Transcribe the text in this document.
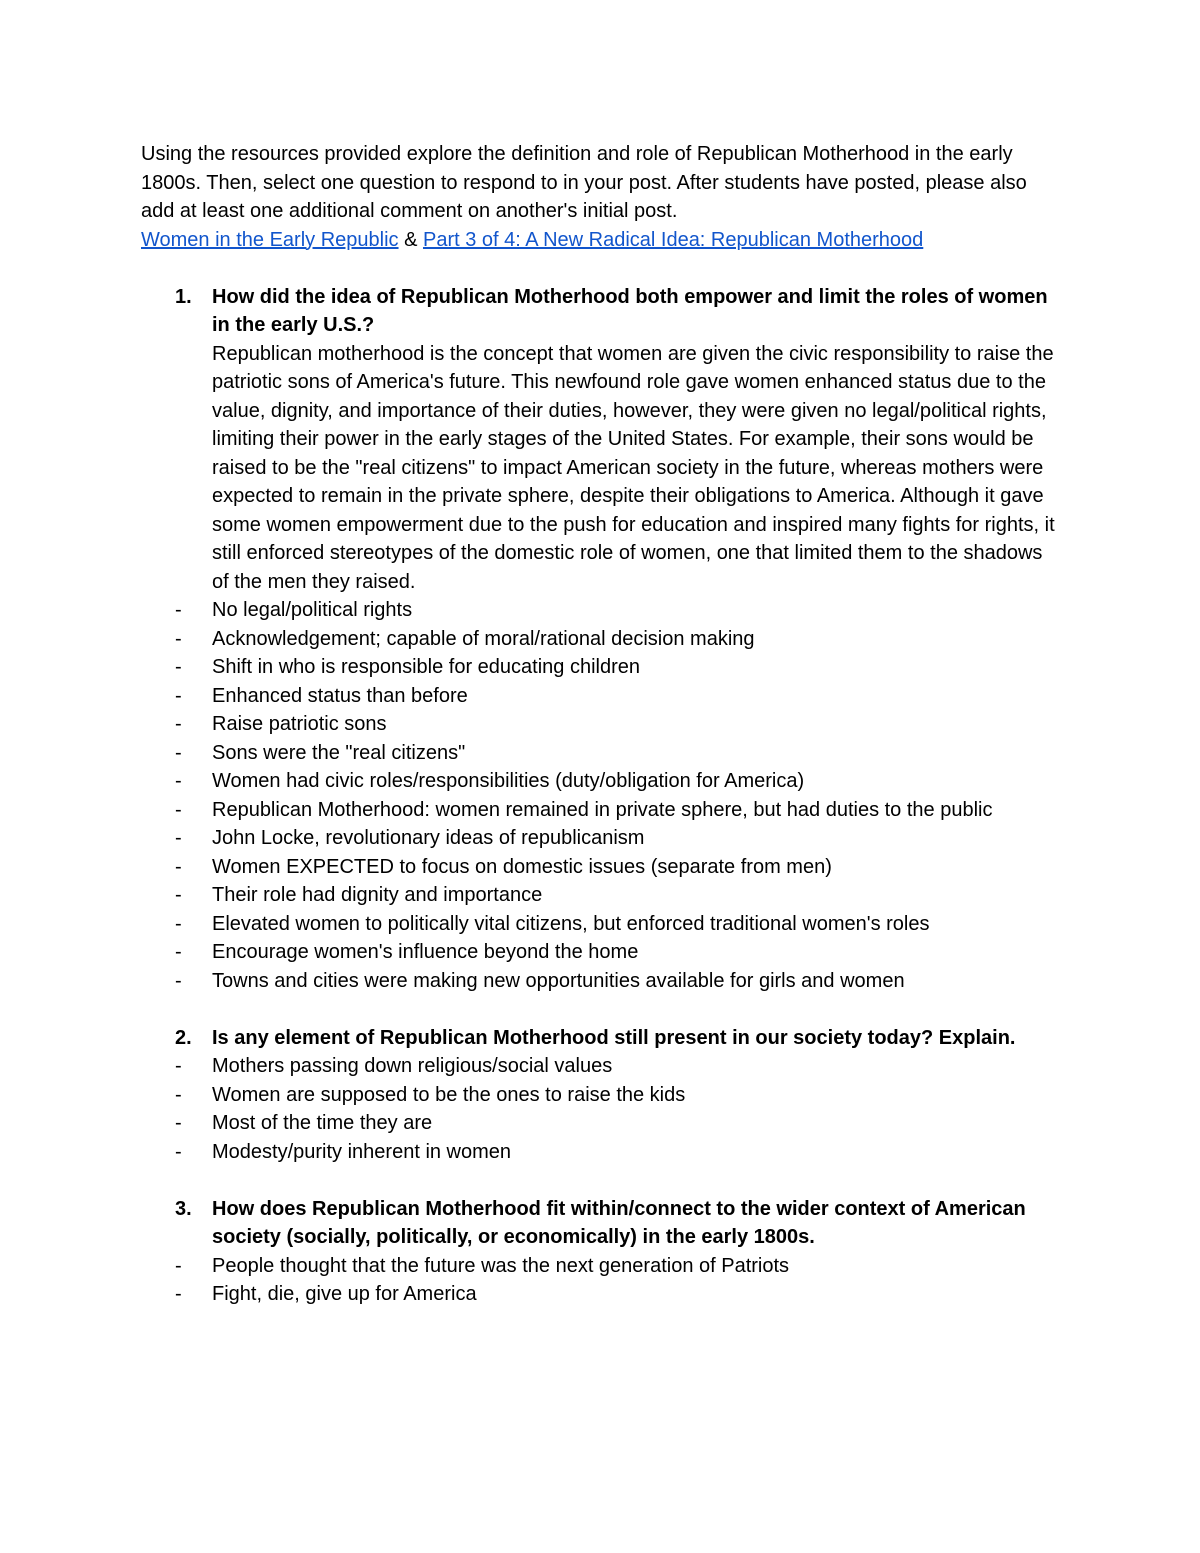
Using the resources provided explore the definition and role of Republican Motherhood in the early 1800s. Then, select one question to respond to in your post. After students have posted, please also add at least one additional comment on another's initial post.

Women in the Early Republic & Part 3 of 4: A New Radical Idea: Republican Motherhood

1. How did the idea of Republican Motherhood both empower and limit the roles of women in the early U.S.?

Republican motherhood is the concept that women are given the civic responsibility to raise the patriotic sons of America's future. This newfound role gave women enhanced status due to the value, dignity, and importance of their duties, however, they were given no legal/political rights, limiting their power in the early stages of the United States. For example, their sons would be raised to be the "real citizens" to impact American society in the future, whereas mothers were expected to remain in the private sphere, despite their obligations to America. Although it gave some women empowerment due to the push for education and inspired many fights for rights, it still enforced stereotypes of the domestic role of women, one that limited them to the shadows of the men they raised.

- No legal/political rights
- Acknowledgement; capable of moral/rational decision making
- Shift in who is responsible for educating children
- Enhanced status than before
- Raise patriotic sons
- Sons were the "real citizens"
- Women had civic roles/responsibilities (duty/obligation for America)
- Republican Motherhood: women remained in private sphere, but had duties to the public
- John Locke, revolutionary ideas of republicanism
- Women EXPECTED to focus on domestic issues (separate from men)
- Their role had dignity and importance
- Elevated women to politically vital citizens, but enforced traditional women's roles
- Encourage women's influence beyond the home
- Towns and cities were making new opportunities available for girls and women
2. Is any element of Republican Motherhood still present in our society today? Explain.

- Mothers passing down religious/social values
- Women are supposed to be the ones to raise the kids
- Most of the time they are
- Modesty/purity inherent in women
3. How does Republican Motherhood fit within/connect to the wider context of American society (socially, politically, or economically) in the early 1800s.

- People thought that the future was the next generation of Patriots
- Fight, die, give up for America
